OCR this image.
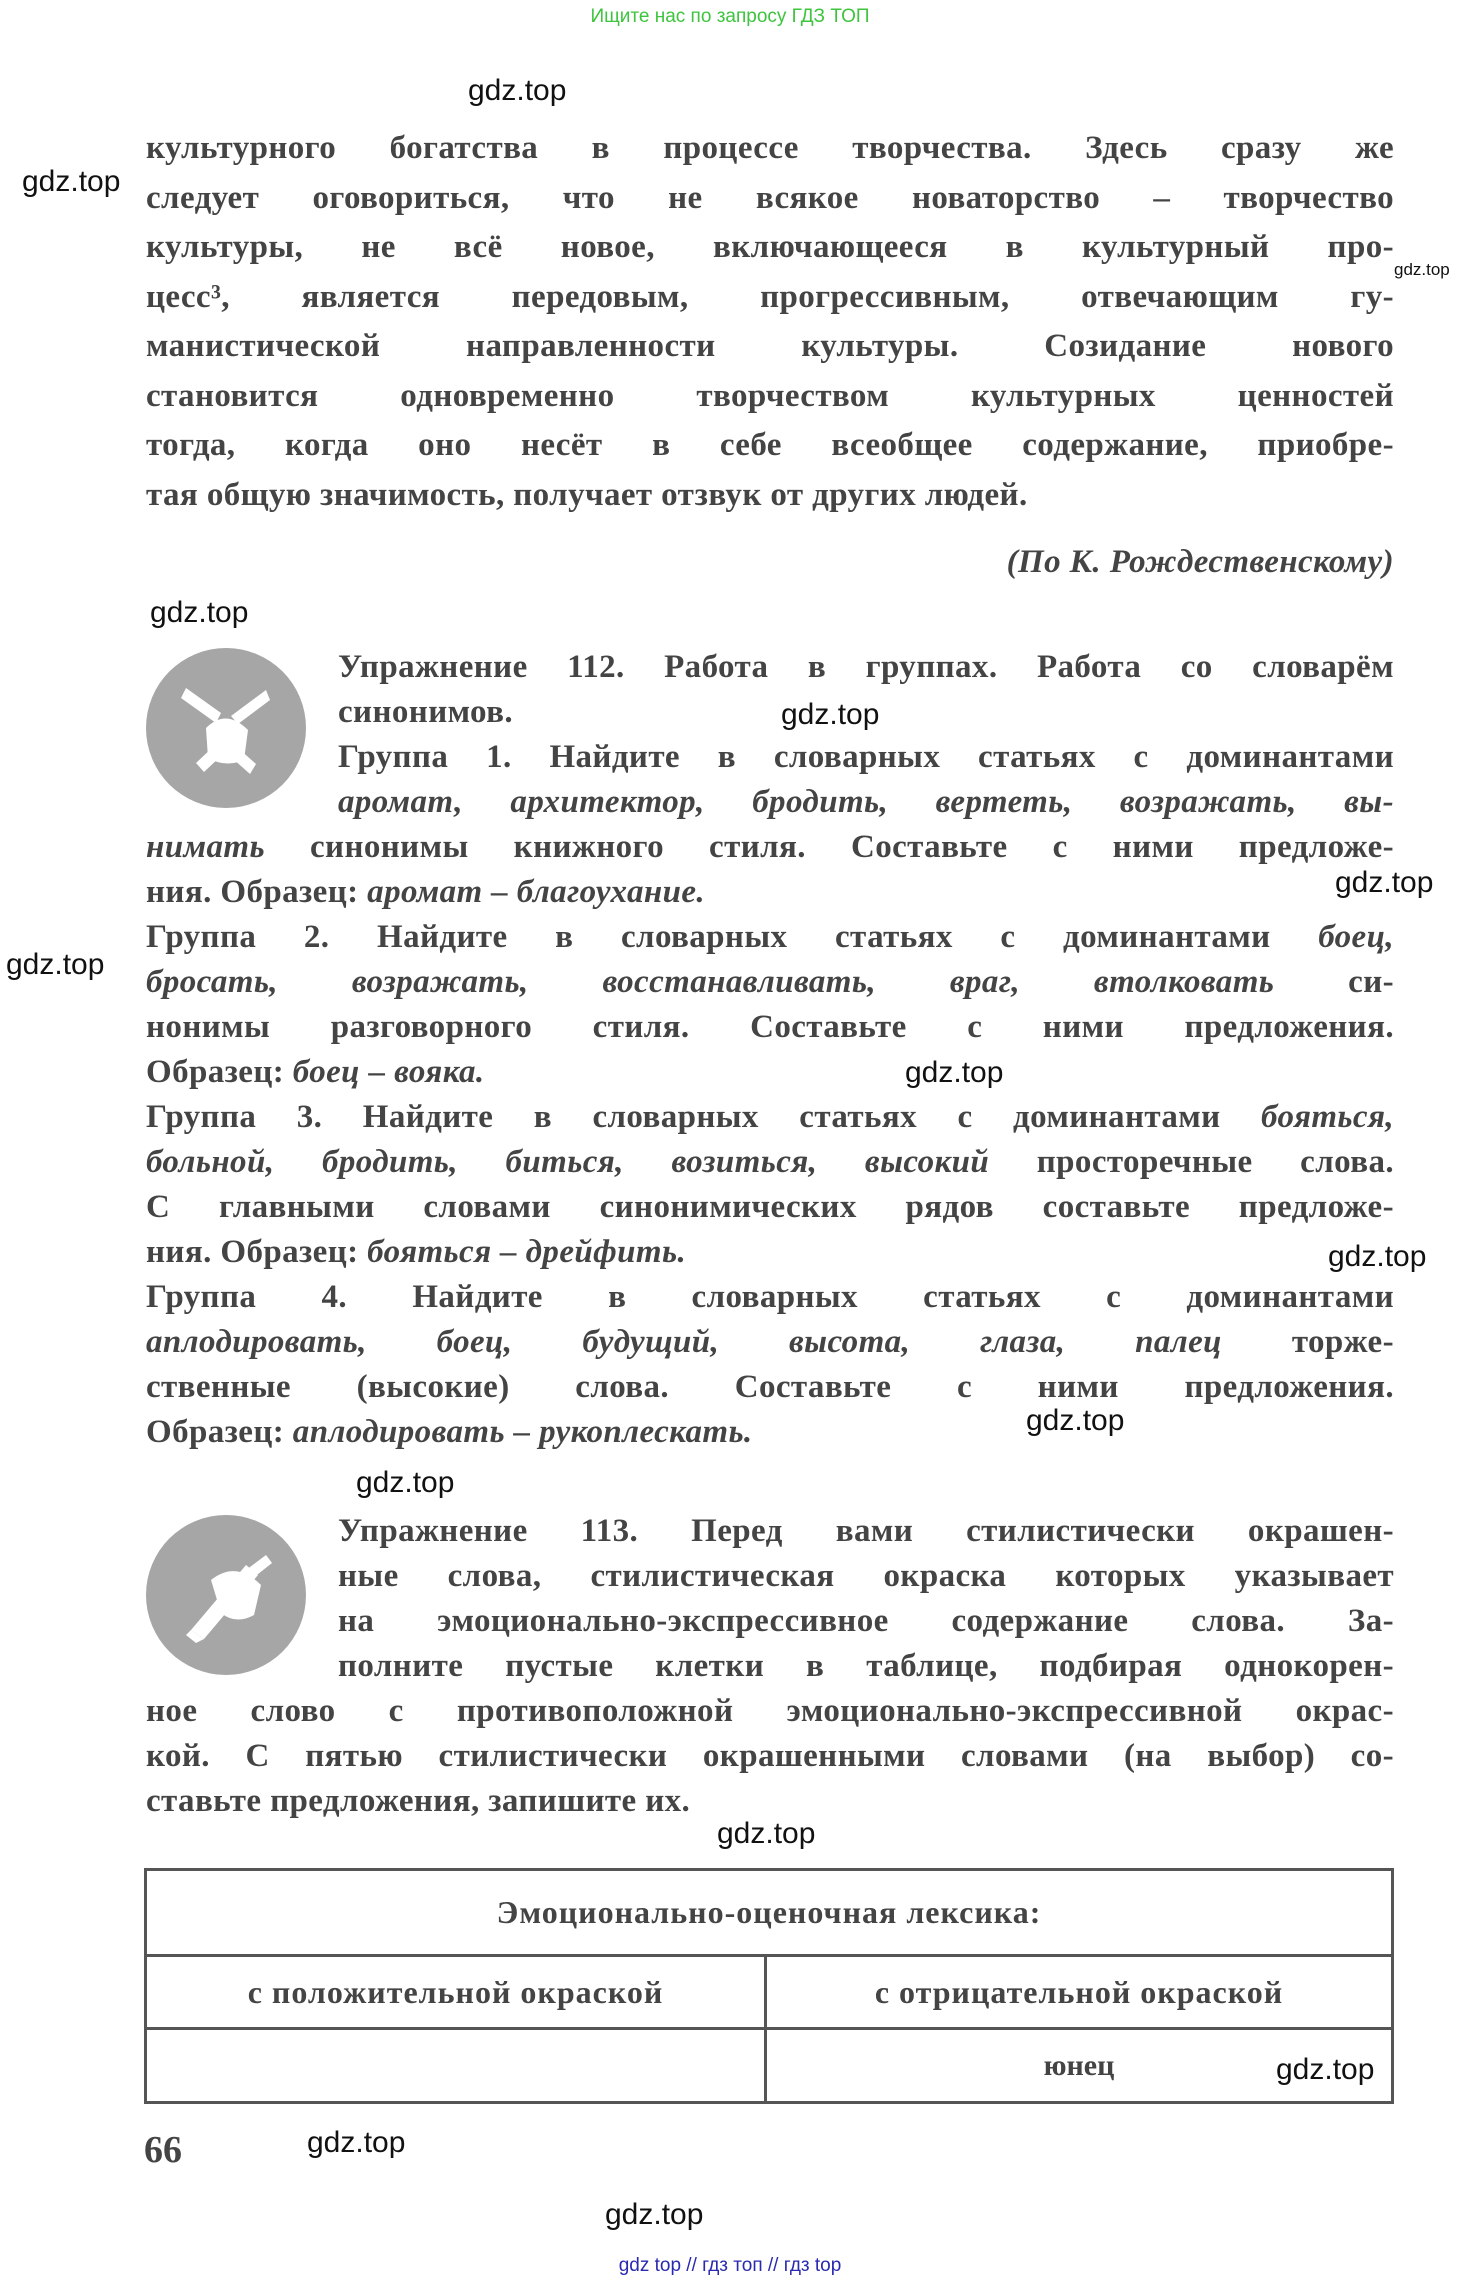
Ищите нас по запросу ГДЗ ТОП
gdz.top
gdz.top
gdz.top
gdz.top
gdz.top
gdz.top
gdz.top
gdz.top
gdz.top
gdz.top
gdz.top
gdz.top
gdz.top
gdz.top
gdz.top
культурного богатства в процессе творчества. Здесь сразу же
следует оговориться, что не всякое новаторство – творчество
культуры, не всё новое, включающееся в культурный про-
цесс³, является передовым, прогрессивным, отвечающим гу-
манистической направленности культуры. Созидание нового
становится одновременно творчеством культурных ценностей
тогда, когда оно несёт в себе всеобщее содержание, приобре-
тая общую значимость, получает отзвук от других людей.
(По К. Рождественскому)
Упражнение 112. Работа в группах. Работа со словарём
синонимов.
Группа 1. Найдите в словарных статьях с доминантами
аромат, архитектор, бродить, вертеть, возражать, вы-
нимать синонимы книжного стиля. Составьте с ними предложе-
ния. Образец: аромат – благоухание.
Группа 2. Найдите в словарных статьях с доминантами боец,
бросать, возражать, восстанавливать, враг, втолковать си-
нонимы разговорного стиля. Составьте с ними предложения.
Образец: боец – вояка.
Группа 3. Найдите в словарных статьях с доминантами бояться,
больной, бродить, биться, возиться, высокий просторечные слова.
С главными словами синонимических рядов составьте предложе-
ния. Образец: бояться – дрейфить.
Группа 4. Найдите в словарных статьях с доминантами
аплодировать, боец, будущий, высота, глаза, палец торже-
ственные (высокие) слова. Составьте с ними предложения.
Образец: аплодировать – рукоплескать.
Упражнение 113. Перед вами стилистически окрашен-
ные слова, стилистическая окраска которых указывает
на эмоционально-экспрессивное содержание слова. За-
полните пустые клетки в таблице, подбирая однокорен-
ное слово с противоположной эмоционально-экспрессивной окрас-
кой. С пятью стилистически окрашенными словами (на выбор) со-
ставьте предложения, запишите их.
Эмоционально-оценочная лексика:
с положительной окраской	с отрицательной окраской
юнец
66
gdz top // гдз топ // гдз top
